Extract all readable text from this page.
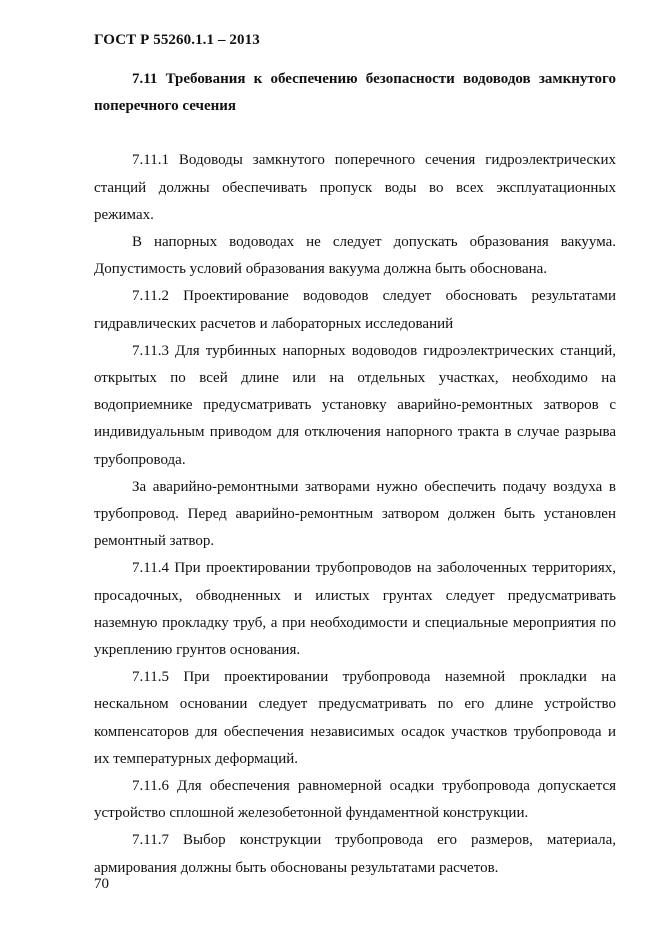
ГОСТ Р 55260.1.1 – 2013

7.11 Требования к обеспечению безопасности водоводов замкнутого поперечного сечения

7.11.1 Водоводы замкнутого поперечного сечения гидроэлектрических станций должны обеспечивать пропуск воды во всех эксплуатационных режимах.

В напорных водоводах не следует допускать образования вакуума. Допустимость условий образования вакуума должна быть обоснована.

7.11.2 Проектирование водоводов следует обосновать результатами гидравлических расчетов и лабораторных исследований

7.11.3 Для турбинных напорных водоводов гидроэлектрических станций, открытых по всей длине или на отдельных участках, необходимо на водоприемнике предусматривать установку аварийно-ремонтных затворов с индивидуальным приводом для отключения напорного тракта в случае разрыва трубопровода.

За аварийно-ремонтными затворами нужно обеспечить подачу воздуха в трубопровод. Перед аварийно-ремонтным затвором должен быть установлен ремонтный затвор.

7.11.4 При проектировании трубопроводов на заболоченных территориях, просадочных, обводненных и илистых грунтах следует предусматривать наземную прокладку труб, а при необходимости и специальные мероприятия по укреплению грунтов основания.

7.11.5 При проектировании трубопровода наземной прокладки на нескальном основании следует предусматривать по его длине устройство компенсаторов для обеспечения независимых осадок участков трубопровода и их температурных деформаций.

7.11.6 Для обеспечения равномерной осадки трубопровода допускается устройство сплошной железобетонной фундаментной конструкции.

7.11.7 Выбор конструкции трубопровода его размеров, материала, армирования должны быть обоснованы результатами расчетов.

70
